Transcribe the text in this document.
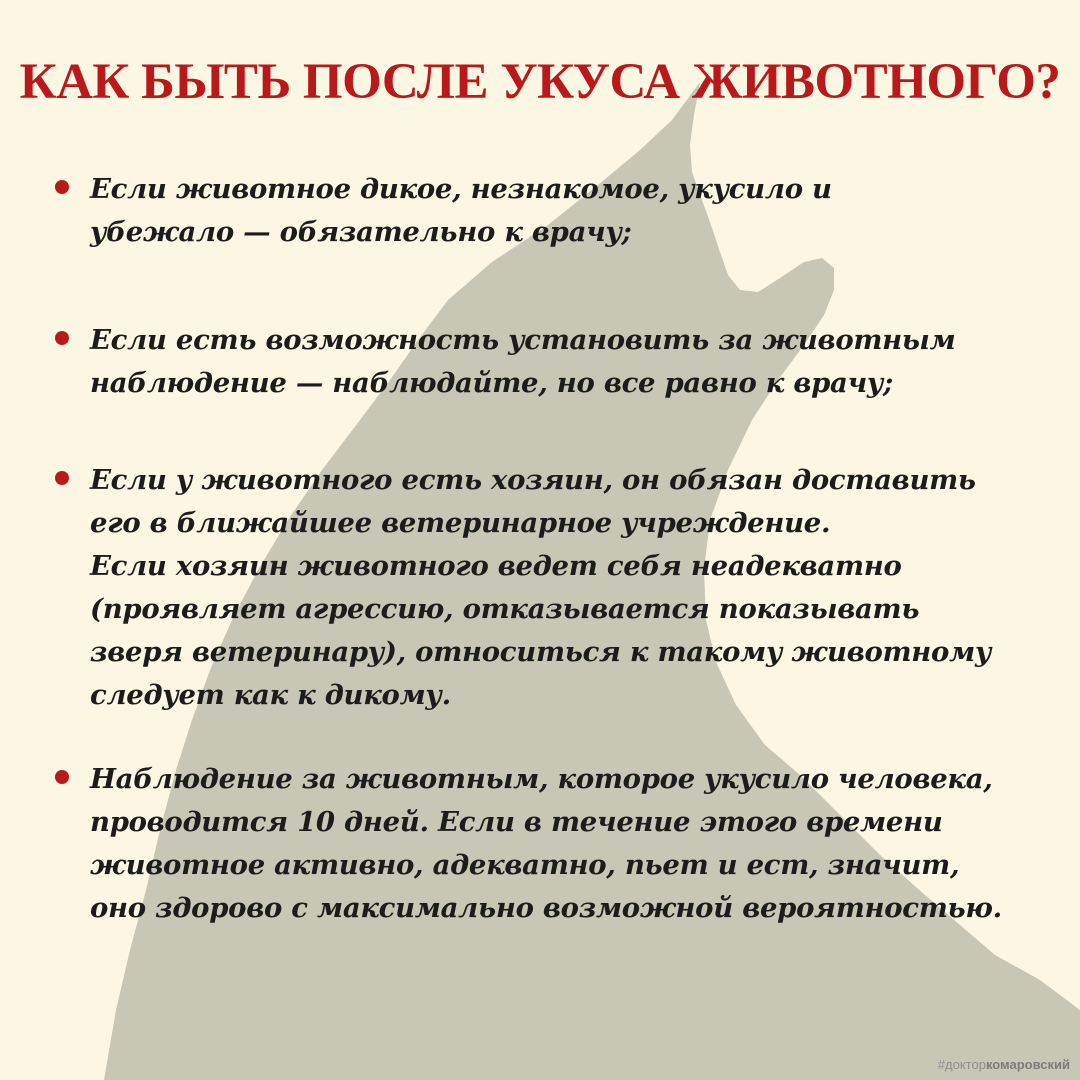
КАК БЫТЬ ПОСЛЕ УКУСА ЖИВОТНОГО?
Если животное дикое, незнакомое, укусило и
убежало — обязательно к врачу;
Если есть возможность установить за животным
наблюдение — наблюдайте, но все равно к врачу;
Если у животного есть хозяин, он обязан доставить
его в ближайшее ветеринарное учреждение.
Если хозяин животного ведет себя неадекватно
(проявляет агрессию, отказывается показывать
зверя ветеринару), относиться к такому животному
следует как к дикому.
Наблюдение за животным, которое укусило человека,
проводится 10 дней. Если в течение этого времени
животное активно, адекватно, пьет и ест, значит,
оно здорово с максимально возможной вероятностью.
#докторкомаровский
